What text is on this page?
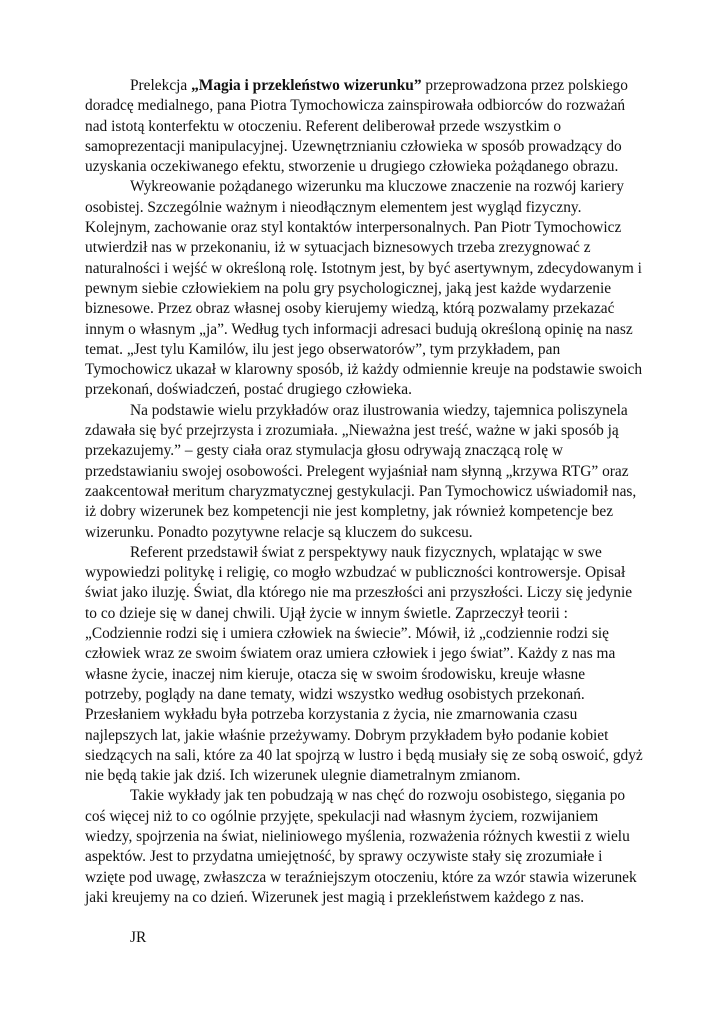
Prelekcja „Magia i przekleństwo wizerunku” przeprowadzona przez polskiego doradcę medialnego, pana Piotra Tymochowicza zainspirowała odbiorców do rozważań nad istotą konterfektu w otoczeniu. Referent deliberował przede wszystkim o samoprezentacji manipulacyjnej. Uzewnętrznianiu człowieka w sposób prowadzący do uzyskania oczekiwanego efektu, stworzenie u drugiego człowieka pożądanego obrazu.

Wykreowanie pożądanego wizerunku ma kluczowe znaczenie na rozwój kariery osobistej. Szczególnie ważnym i nieodłącznym elementem jest wygląd fizyczny. Kolejnym, zachowanie oraz styl kontaktów interpersonalnych. Pan Piotr Tymochowicz utwierdził nas w przekonaniu, iż w sytuacjach biznesowych trzeba zrezygnować z naturalności i wejść w określoną rolę. Istotnym jest, by być asertywnym, zdecydowanym i pewnym siebie człowiekiem na polu gry psychologicznej, jaką jest każde wydarzenie biznesowe. Przez obraz własnej osoby kierujemy wiedzą, którą pozwalamy przekazać innym o własnym „ja”. Według tych informacji adresaci budują określoną opinię na nasz temat. „Jest tylu Kamilów, ilu jest jego obserwatorów”, tym przykładem, pan Tymochowicz ukazał w klarowny sposób, iż każdy odmiennie kreuje na podstawie swoich przekonań, doświadczeń, postać drugiego człowieka.

Na podstawie wielu przykładów oraz ilustrowania wiedzy, tajemnica poliszynela zdawała się być przejrzysta i zrozumiała. „Nieważna jest treść, ważne w jaki sposób ją przekazujemy.” – gesty ciała oraz stymulacja głosu odrywają znaczącą rolę w przedstawianiu swojej osobowości. Prelegent wyjaśniał nam słynną „krzywa RTG” oraz zaakcentował meritum charyzmatycznej gestykulacji. Pan Tymochowicz uświadomił nas, iż dobry wizerunek bez kompetencji nie jest kompletny, jak również kompetencje bez wizerunku. Ponadto pozytywne relacje są kluczem do sukcesu.

Referent przedstawił świat z perspektywy nauk fizycznych, wplatając w swe wypowiedzi politykę i religię, co mogło wzbudzać w publiczności kontrowersje. Opisał świat jako iluzję. Świat, dla którego nie ma przeszłości ani przyszłości. Liczy się jedynie to co dzieje się w danej chwili. Ujął życie w innym świetle. Zaprzeczył teorii : „Codziennie rodzi się i umiera człowiek na świecie”. Mówił, iż „codziennie rodzi się człowiek wraz ze swoim światem oraz umiera człowiek i jego świat”. Każdy z nas ma własne życie, inaczej nim kieruje, otacza się w swoim środowisku, kreuje własne potrzeby, poglądy na dane tematy, widzi wszystko według osobistych przekonań. Przesłaniem wykładu była potrzeba korzystania z życia, nie zmarnowania czasu najlepszych lat, jakie właśnie przeżywamy. Dobrym przykładem było podanie kobiet siedzących na sali, które za 40 lat spojrzą w lustro i będą musiały się ze sobą oswoić, gdyż nie będą takie jak dziś. Ich wizerunek ulegnie diametralnym zmianom.

Takie wykłady jak ten pobudzają w nas chęć do rozwoju osobistego, sięgania po coś więcej niż to co ogólnie przyjęte, spekulacji nad własnym życiem, rozwijaniem wiedzy, spojrzenia na świat, nieliniowego myślenia, rozważenia różnych kwestii z wielu aspektów. Jest to przydatna umiejętność, by sprawy oczywiste stały się zrozumiałe i wzięte pod uwagę, zwłaszcza w teraźniejszym otoczeniu, które za wzór stawia wizerunek jaki kreujemy na co dzień. Wizerunek jest magią i przekleństwem każdego z nas.

JR
